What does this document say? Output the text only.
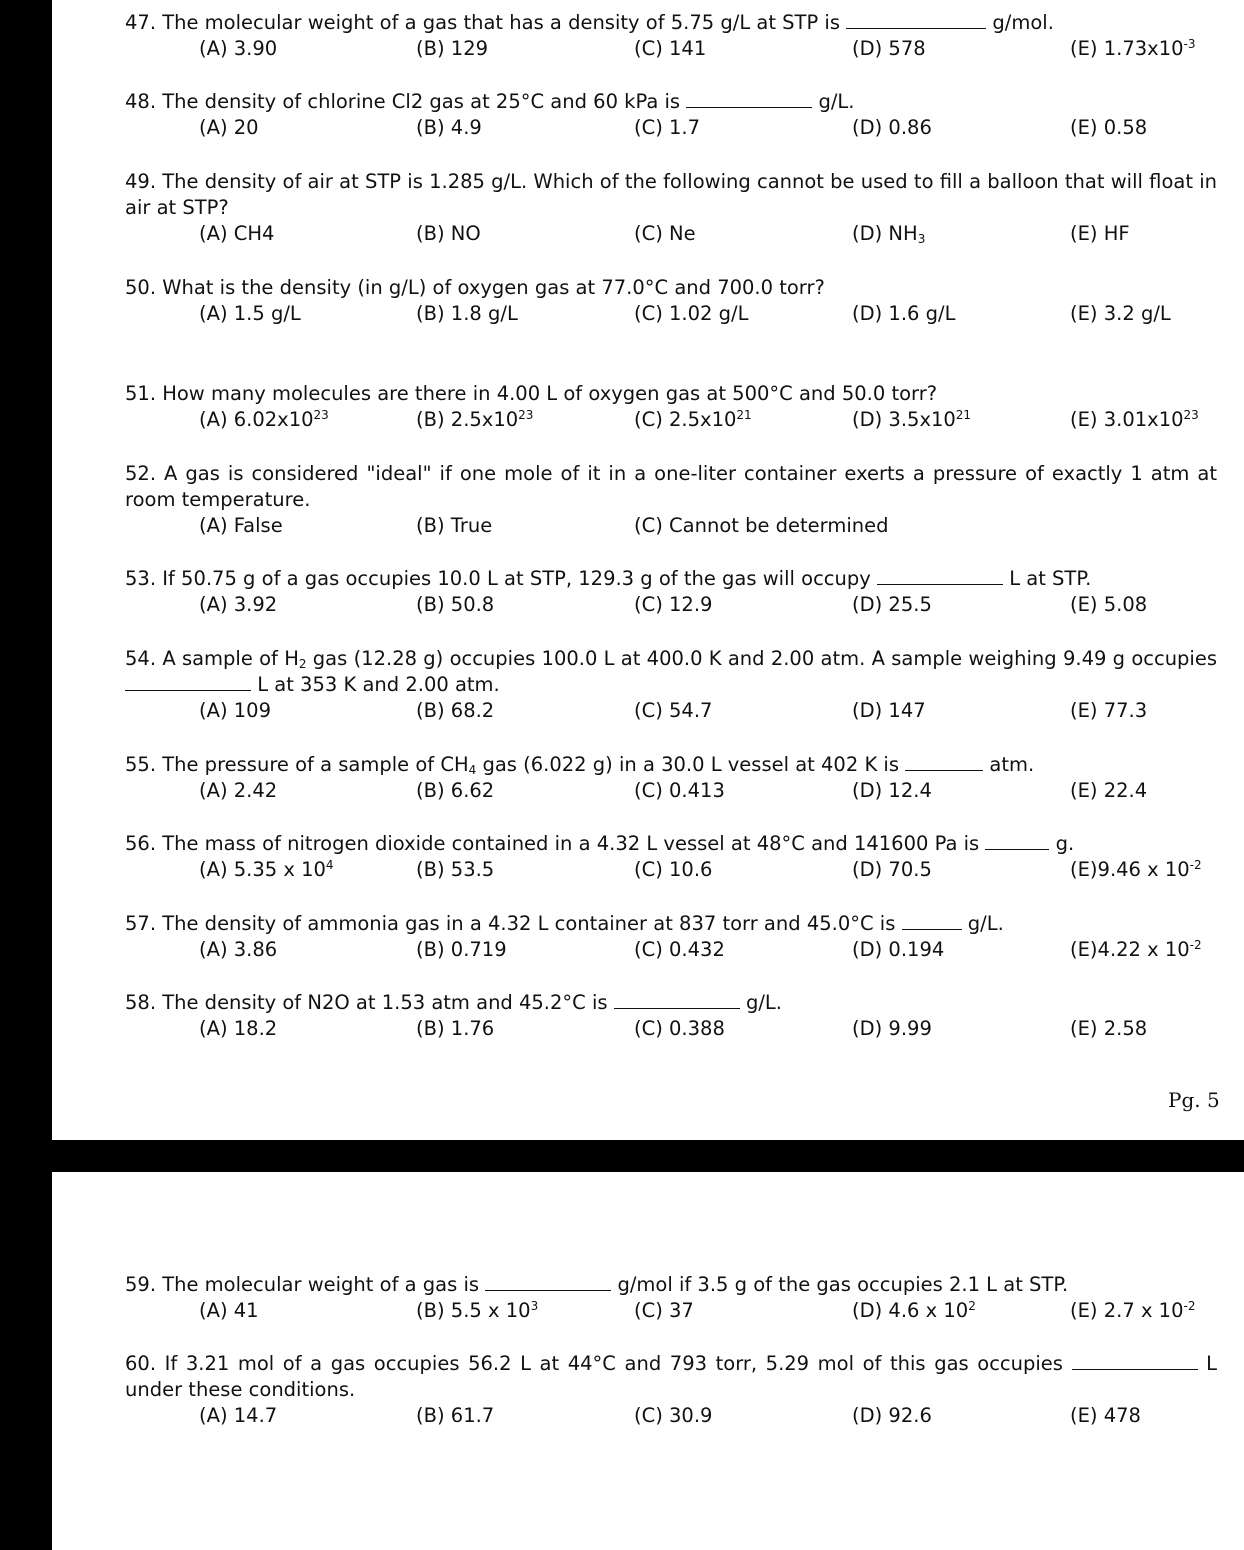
47. The molecular weight of a gas that has a density of 5.75 g/L at STP is	g/mol.

(A) 3.90	(B) 129	(C) 141	(D) 578	(E) $1.73x10^{-3}$

48. The density of chlorine Cl2 gas at 25°C and 60 kPa is	g/L.

(A) 20	(B) 4.9	(C) 1.7	(D) 0.86	(E) 0.58

49. The density of air at STP is 1.285 g/L. Which of the following cannot be used to fill a balloon that will float in air at STP?

(A) CH4	(B) NO	(C) Ne	(D) $NH_3$	(E) HF

50. What is the density (in g/L) of oxygen gas at 77.0°C and 700.0 torr?

(A) 1.5 g/L	(B) 1.8 g/L	(C) 1.02 g/L	(D) 1.6 g/L	(E) 3.2 g/L

51. How many molecules are there in 4.00 L of oxygen gas at 500°C and 50.0 torr?

(A) $6.02x10^{23}$	(B) $2.5x10^{23}$	(C) $2.5x10^{21}$	(D) $3.5x10^{21}$	(E) $3.01x10^{23}$

52. A gas is considered "ideal" if one mole of it in a one-liter container exerts a pressure of exactly 1 atm at room temperature.

(A) False	(B) True	(C) Cannot be determined

53. If 50.75 g of a gas occupies 10.0 L at STP, 129.3 g of the gas will occupy	L at STP.

(A) 3.92	(B) 50.8	(C) 12.9	(D) 25.5	(E) 5.08

54. A sample of $H_2$ gas (12.28 g) occupies 100.0 L at 400.0 K and 2.00 atm. A sample weighing 9.49 g occupies  L at 353 K and 2.00 atm.

(A) 109	(B) 68.2	(C) 54.7	(D) 147	(E) 77.3

55. The pressure of a sample of $CH_4$ gas (6.022 g) in a 30.0 L vessel at 402 K is	atm.

(A) 2.42	(B) 6.62	(C) 0.413	(D) 12.4	(E) 22.4

56. The mass of nitrogen dioxide contained in a 4.32 L vessel at 48°C and 141600 Pa is	g.

(A) 5.35 x $10^4$	(B) 53.5	(C) 10.6	(D) 70.5	(E)9.46 x $10^{-2}$

57. The density of ammonia gas in a 4.32 L container at 837 torr and 45.0°C is	g/L.

(A) 3.86	(B) 0.719	(C) 0.432	(D) 0.194	(E)4.22 x $10^{-2}$

58. The density of N2O at 1.53 atm and 45.2°C is	g/L.

(A) 18.2	(B) 1.76	(C) 0.388	(D) 9.99	(E) 2.58

59. The molecular weight of a gas is	g/mol if 3.5 g of the gas occupies 2.1 L at STP.

(A) 41	(B) 5.5 x $10^3$	(C) 37	(D) 4.6 x $10^2$	(E) 2.7 x $10^{-2}$

60. If 3.21 mol of a gas occupies 56.2 L at 44°C and 793 torr, 5.29 mol of this gas occupies	L under these conditions.

(A) 14.7	(B) 61.7	(C) 30.9	(D) 92.6	(E) 478
Pg. 5
